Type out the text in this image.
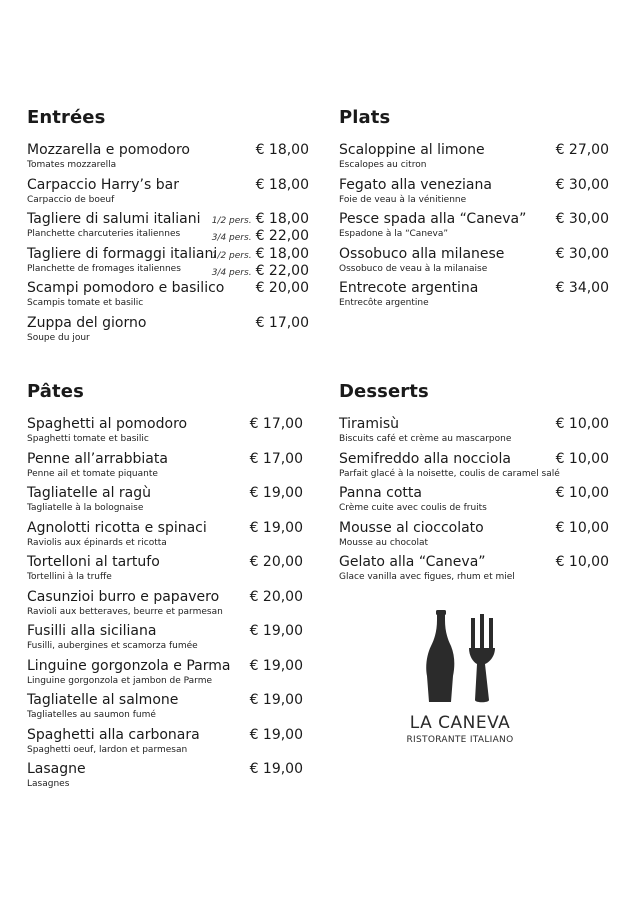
Entrées
Mozzarella e pomodoro
Tomates mozzarella
€ 18,00
Carpaccio Harry’s bar
Carpaccio de boeuf
€ 18,00
Tagliere di salumi italiani
Planchette charcuteries italiennes
1/2 pers. € 18,00
3/4 pers. € 22,00
Tagliere di formaggi italiani
Planchette de fromages italiennes
1/2 pers. € 18,00
3/4 pers. € 22,00
Scampi pomodoro e basilico
Scampis tomate et basilic
€ 20,00
Zuppa del giorno
Soupe du jour
€ 17,00
Plats
Scaloppine al limone
Escalopes au citron
€ 27,00
Fegato alla veneziana
Foie de veau à la vénitienne
€ 30,00
Pesce spada alla “Caneva”
Espadone à la “Caneva”
€ 30,00
Ossobuco alla milanese
Ossobuco de veau à la milanaise
€ 30,00
Entrecote argentina
Entrecôte argentine
€ 34,00
Pâtes
Spaghetti al pomodoro
Spaghetti tomate et basilic
€ 17,00
Penne all’arrabbiata
Penne ail et tomate piquante
€ 17,00
Tagliatelle al ragù
Tagliatelle à la bolognaise
€ 19,00
Agnolotti ricotta e spinaci
Raviolis aux épinards et ricotta
€ 19,00
Tortelloni al tartufo
Tortellini à la truffe
€ 20,00
Casunzioi burro e papavero
Ravioli aux betteraves, beurre et parmesan
€ 20,00
Fusilli alla siciliana
Fusilli, aubergines et scamorza fumée
€ 19,00
Linguine gorgonzola e Parma
Linguine gorgonzola et jambon de Parme
€ 19,00
Tagliatelle al salmone
Tagliatelles au saumon fumé
€ 19,00
Spaghetti alla carbonara
Spaghetti oeuf, lardon et parmesan
€ 19,00
Lasagne
Lasagnes
€ 19,00
Desserts
Tiramisù
Biscuits café et crème au mascarpone
€ 10,00
Semifreddo alla nocciola
Parfait glacé à la noisette, coulis de caramel salé
€ 10,00
Panna cotta
Crème cuite avec coulis de fruits
€ 10,00
Mousse al cioccolato
Mousse au chocolat
€ 10,00
Gelato alla “Caneva”
Glace vanilla avec figues, rhum et miel
€ 10,00
LA CANEVA
RISTORANTE ITALIANO
